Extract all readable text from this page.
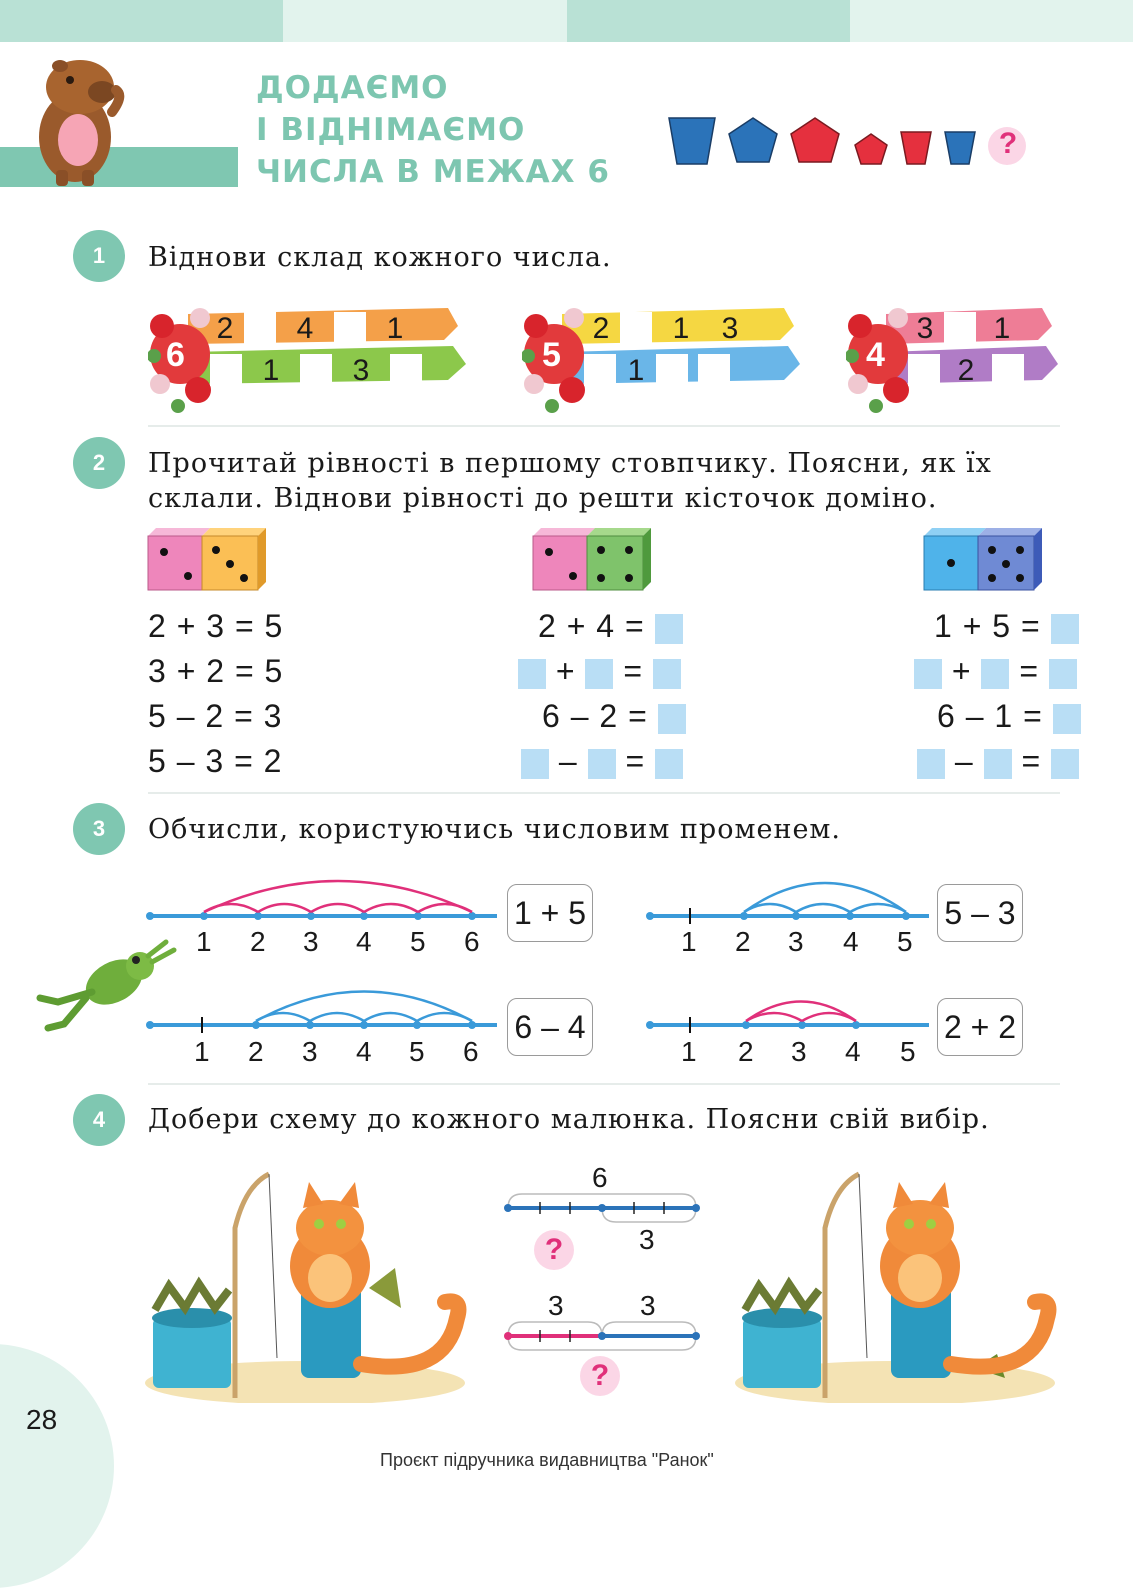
ДОДАЄМО
І ВІДНІМАЄМО
ЧИСЛА В МЕЖАХ 6
?
1	Віднови склад кожного числа.
6
2	4	1
1	3	5
2	1	3
1	4
3	1
2
2	Прочитай рівності в першому стовпчику. Поясни, як їх
склали. Віднови рівності до решти кісточок доміно.
2 + 3 = 5
3 + 2 = 5
5 – 2 = 3
5 – 3 = 2
2 + 4 =
+ =
6 – 2 =
– =
1 + 5 =
+ =
6 – 1 =
– =
3	Обчисли, користуючись числовим променем.
1 2 3 4 5 6
1 + 5
1 2 3 4 5
5 – 3
1 2 3 4 5 6
6 – 4
1 2 3 4 5
2 + 2
4	Добери схему до кожного малюнка. Поясни свій вибір.
6
3
?
3	3
?
28
Проєкт підручника видавництва "Ранок"
